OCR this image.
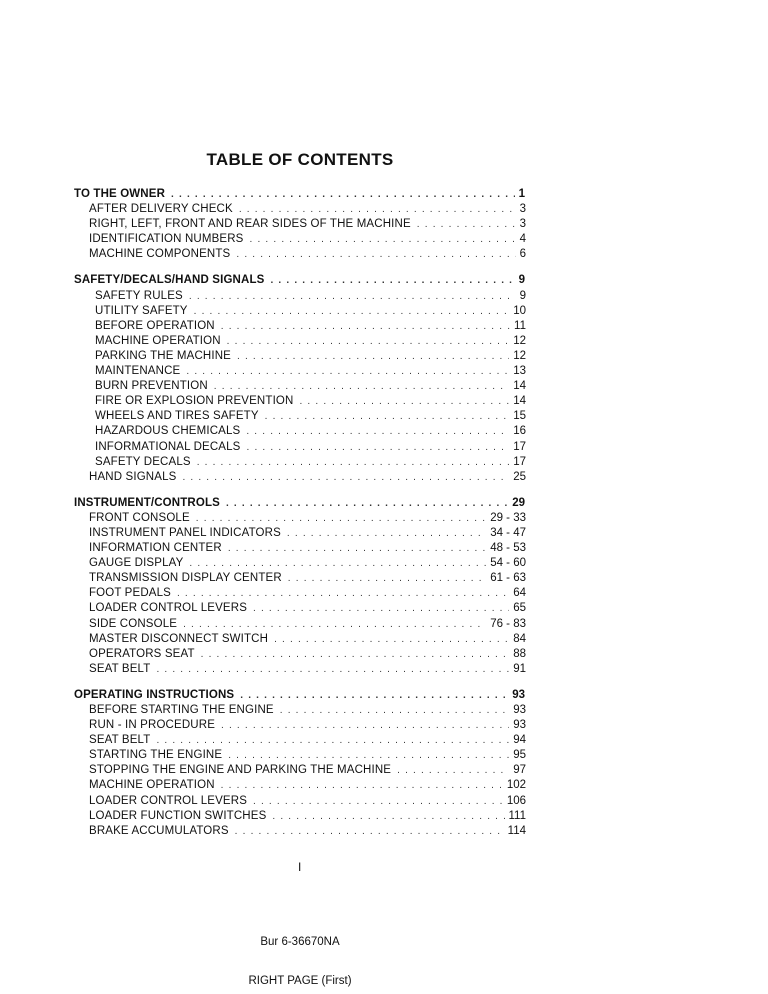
TABLE OF CONTENTS
TO THE OWNER . . .	1
AFTER DELIVERY CHECK . . .	3
RIGHT, LEFT, FRONT AND REAR SIDES OF THE MACHINE . . .	3
IDENTIFICATION NUMBERS . . .	4
MACHINE COMPONENTS . . .	6
SAFETY/DECALS/HAND SIGNALS . . .	9
SAFETY RULES . . .	9
UTILITY SAFETY . . .	10
BEFORE OPERATION . . .	11
MACHINE OPERATION . . .	12
PARKING THE MACHINE . . .	12
MAINTENANCE . . .	13
BURN PREVENTION . . .	14
FIRE OR EXPLOSION PREVENTION . . .	14
WHEELS AND TIRES SAFETY . . .	15
HAZARDOUS CHEMICALS . . .	16
INFORMATIONAL DECALS . . .	17
SAFETY DECALS . . .	17
HAND SIGNALS . . .	25
INSTRUMENT/CONTROLS . . .	29
FRONT CONSOLE . . .	29 - 33
INSTRUMENT PANEL INDICATORS . . .	34 - 47
INFORMATION CENTER . . .	48 - 53
GAUGE DISPLAY . . .	54 - 60
TRANSMISSION DISPLAY CENTER . . .	61 - 63
FOOT PEDALS . . .	64
LOADER CONTROL LEVERS . . .	65
SIDE CONSOLE . . .	76 - 83
MASTER DISCONNECT SWITCH . . .	84
OPERATORS SEAT . . .	88
SEAT BELT . . .	91
OPERATING INSTRUCTIONS . . .	93
BEFORE STARTING THE ENGINE . . .	93
RUN - IN PROCEDURE . . .	93
SEAT BELT . . .	94
STARTING THE ENGINE . . .	95
STOPPING THE ENGINE AND PARKING THE MACHINE . . .	97
MACHINE OPERATION . . .	102
LOADER CONTROL LEVERS . . .	106
LOADER FUNCTION SWITCHES . . .	111
BRAKE ACCUMULATORS . . .	114
I
Bur 6-36670NA
RIGHT PAGE (First)
